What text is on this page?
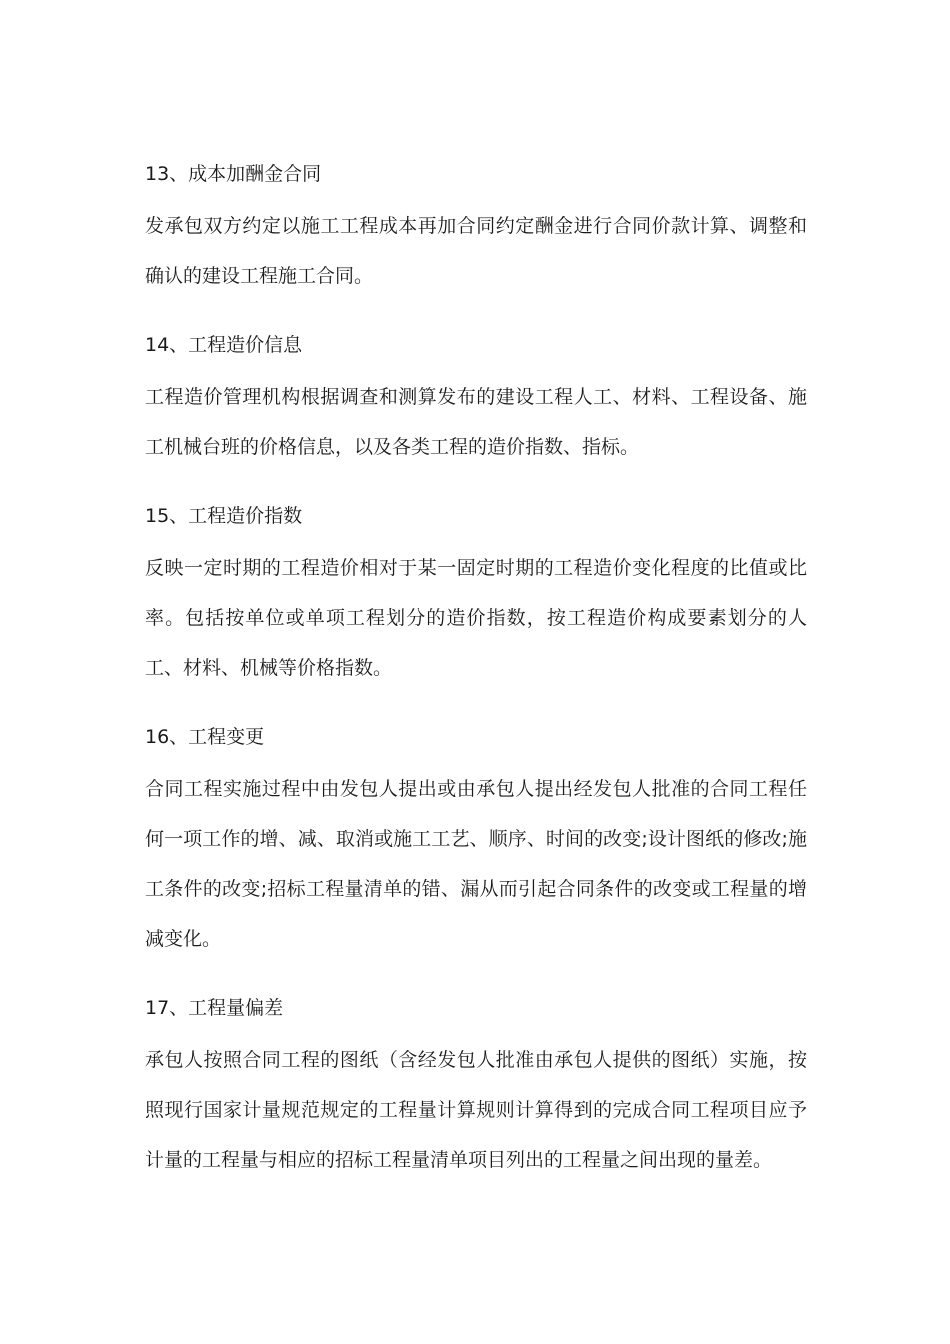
13、成本加酬金合同

发承包双方约定以施工工程成本再加合同约定酬金进行合同价款计算、调整和确认的建设工程施工合同。

14、工程造价信息

工程造价管理机构根据调查和测算发布的建设工程人工、材料、工程设备、施工机械台班的价格信息，以及各类工程的造价指数、指标。

15、工程造价指数

反映一定时期的工程造价相对于某一固定时期的工程造价变化程度的比值或比率。包括按单位或单项工程划分的造价指数，按工程造价构成要素划分的人工、材料、机械等价格指数。

16、工程变更

合同工程实施过程中由发包人提出或由承包人提出经发包人批准的合同工程任何一项工作的增、减、取消或施工工艺、顺序、时间的改变;设计图纸的修改;施工条件的改变;招标工程量清单的错、漏从而引起合同条件的改变或工程量的增减变化。

17、工程量偏差

承包人按照合同工程的图纸（含经发包人批准由承包人提供的图纸）实施，按照现行国家计量规范规定的工程量计算规则计算得到的完成合同工程项目应予计量的工程量与相应的招标工程量清单项目列出的工程量之间出现的量差。
